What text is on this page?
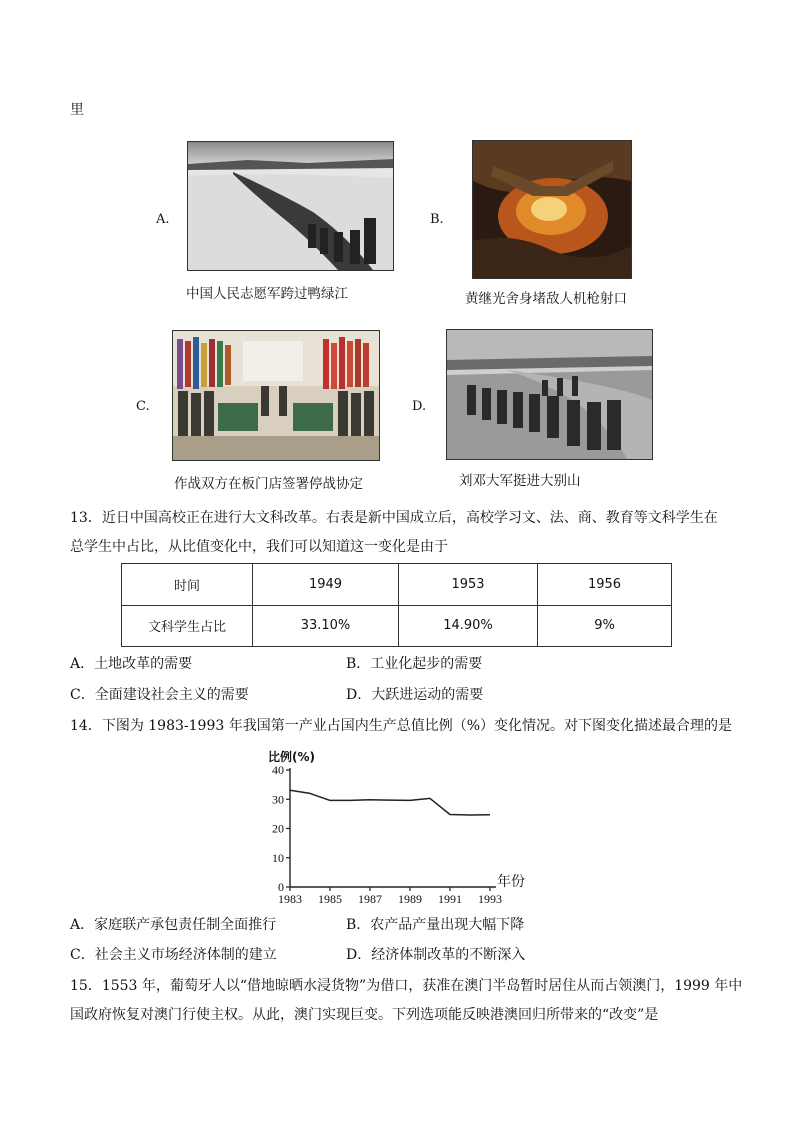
里
A.
中国人民志愿军跨过鸭绿江
B.
黄继光舍身堵敌人机枪射口
C.
作战双方在板门店签署停战协定
D.
刘邓大军挺进大别山
13．近日中国高校正在进行大文科改革。右表是新中国成立后，高校学习文、法、商、教育等文科学生在
总学生中占比，从比值变化中，我们可以知道这一变化是由于
时间	1949	1953	1956
文科学生占比	33.10%	14.90%	9%
A．土地改革的需要	B．工业化起步的需要
C．全面建设社会主义的需要	D．大跃进运动的需要
14．下图为 1983-1993 年我国第一产业占国内生产总值比例（%）变化情况。对下图变化描述最合理的是
0
10
20
30
40
1983 1985 1987 1989 1991 1993
比例(%)
年份
A．家庭联产承包责任制全面推行	B．农产品产量出现大幅下降
C．社会主义市场经济体制的建立	D．经济体制改革的不断深入
15．1553 年，葡萄牙人以“借地晾晒水浸货物”为借口，获准在澳门半岛暂时居住从而占领澳门，1999 年中
国政府恢复对澳门行使主权。从此，澳门实现巨变。下列选项能反映港澳回归所带来的“改变”是
